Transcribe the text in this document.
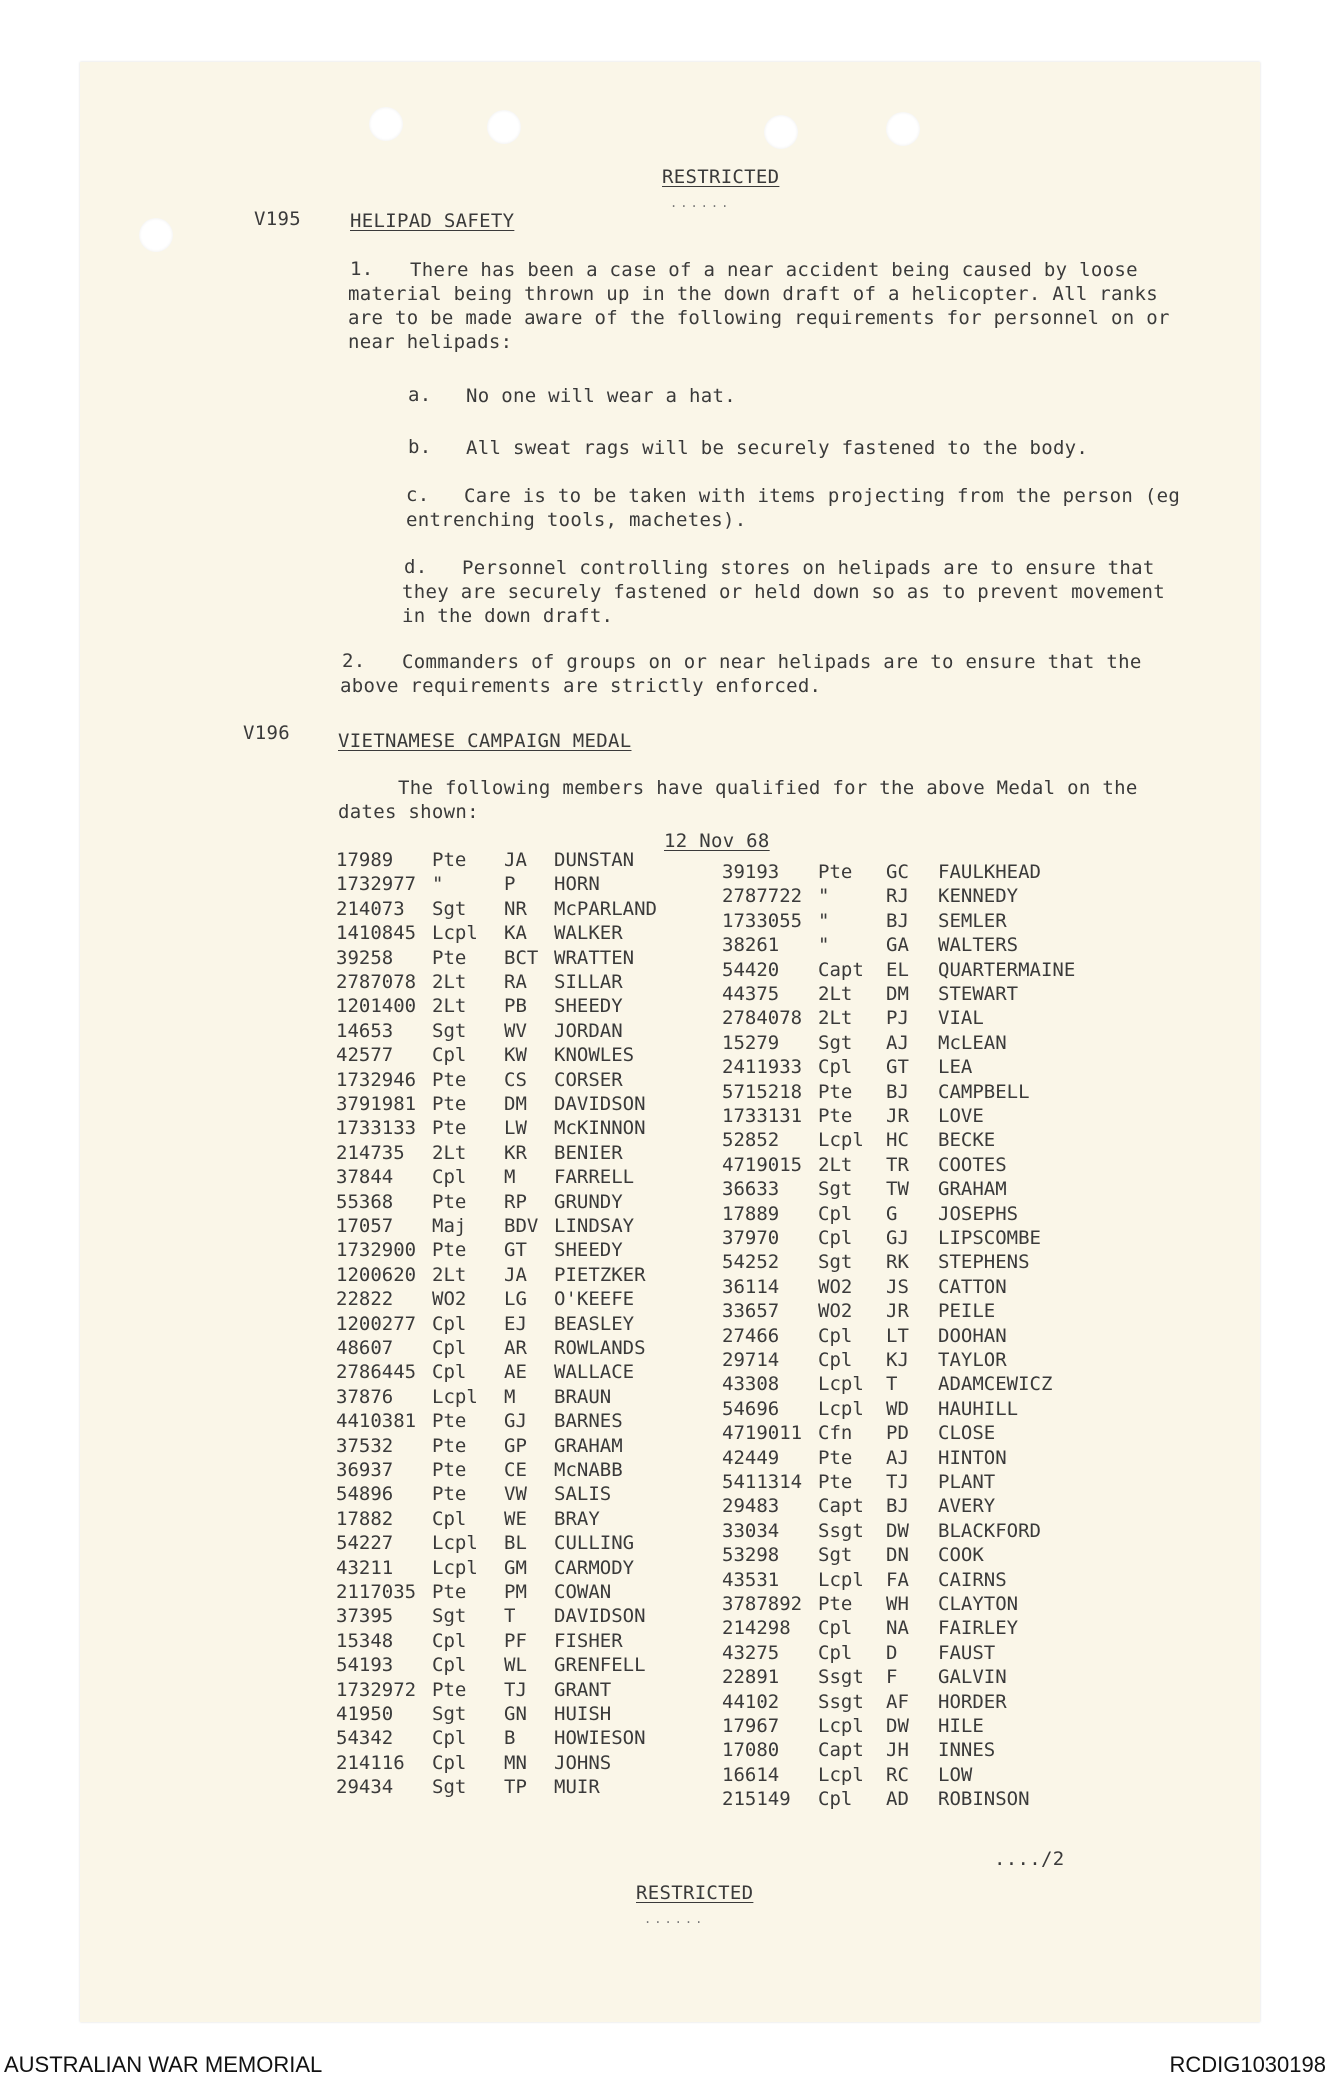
RESTRICTED
......
V195	HELIPAD SAFETY
1.	There has been a case of a near accident being caused by loose material being thrown up in the down draft of a helicopter. All ranks are to be made aware of the following requirements for personnel on or near helipads:
a. No one will wear a hat.
b. All sweat rags will be securely fastened to the body.
c.	Care is to be taken with items projecting from the person (eg entrenching tools, machetes).
d.	Personnel controlling stores on helipads are to ensure that they are securely fastened or held down so as to prevent movement in the down draft.
2.	Commanders of groups on or near helipads are to ensure that the above requirements are strictly enforced.
V196	VIETNAMESE CAMPAIGN MEDAL
The following members have qualified for the above Medal on the dates shown:
12 Nov 68
17989 Pte JA DUNSTAN
1732977 "	P HORN
214073 Sgt NR McPARLAND
1410845 Lcpl KA WALKER
39258 Pte BCT WRATTEN
2787078 2Lt RA SILLAR
1201400 2Lt PB SHEEDY
14653 Sgt WV JORDAN
42577 Cpl KW KNOWLES
1732946 Pte CS CORSER
3791981 Pte DM DAVIDSON
1733133 Pte LW McKINNON
214735 2Lt KR BENIER
37844 Cpl M FARRELL
55368 Pte RP GRUNDY
17057 Maj BDV LINDSAY
1732900 Pte GT SHEEDY
1200620 2Lt JA PIETZKER
22822 WO2 LG O'KEEFE
1200277 Cpl EJ BEASLEY
48607 Cpl AR ROWLANDS
2786445 Cpl AE WALLACE
37876 Lcpl M BRAUN
4410381 Pte GJ BARNES
37532 Pte GP GRAHAM
36937 Pte CE McNABB
54896 Pte VW SALIS
17882 Cpl WE BRAY
54227 Lcpl BL CULLING
43211 Lcpl GM CARMODY
2117035 Pte PM COWAN
37395 Sgt T DAVIDSON
15348 Cpl PF FISHER
54193 Cpl WL GRENFELL
1732972 Pte TJ GRANT
41950 Sgt GN HUISH
54342 Cpl B HOWIESON
214116 Cpl MN JOHNS
29434 Sgt TP MUIR
39193 Pte GC FAULKHEAD
2787722 "	RJ KENNEDY
1733055 "	BJ SEMLER
38261 "	GA WALTERS
54420 Capt EL QUARTERMAINE
44375 2Lt DM STEWART
2784078 2Lt PJ VIAL
15279 Sgt AJ McLEAN
2411933 Cpl GT LEA
5715218 Pte BJ CAMPBELL
1733131 Pte JR LOVE
52852 Lcpl HC BECKE
4719015 2Lt TR COOTES
36633 Sgt TW GRAHAM
17889 Cpl G JOSEPHS
37970 Cpl GJ LIPSCOMBE
54252 Sgt RK STEPHENS
36114 WO2 JS CATTON
33657 WO2 JR PEILE
27466 Cpl LT DOOHAN
29714 Cpl KJ TAYLOR
43308 Lcpl T ADAMCEWICZ
54696 Lcpl WD HAUHILL
4719011 Cfn PD CLOSE
42449 Pte AJ HINTON
5411314 Pte TJ PLANT
29483 Capt BJ AVERY
33034 Ssgt DW BLACKFORD
53298 Sgt DN COOK
43531 Lcpl FA CAIRNS
3787892 Pte WH CLAYTON
214298 Cpl NA FAIRLEY
43275 Cpl D FAUST
22891 Ssgt F GALVIN
44102 Ssgt AF HORDER
17967 Lcpl DW HILE
17080 Capt JH INNES
16614 Lcpl RC LOW
215149 Cpl AD ROBINSON
..../2
RESTRICTED
......
AUSTRALIAN WAR MEMORIAL	RCDIG1030198
